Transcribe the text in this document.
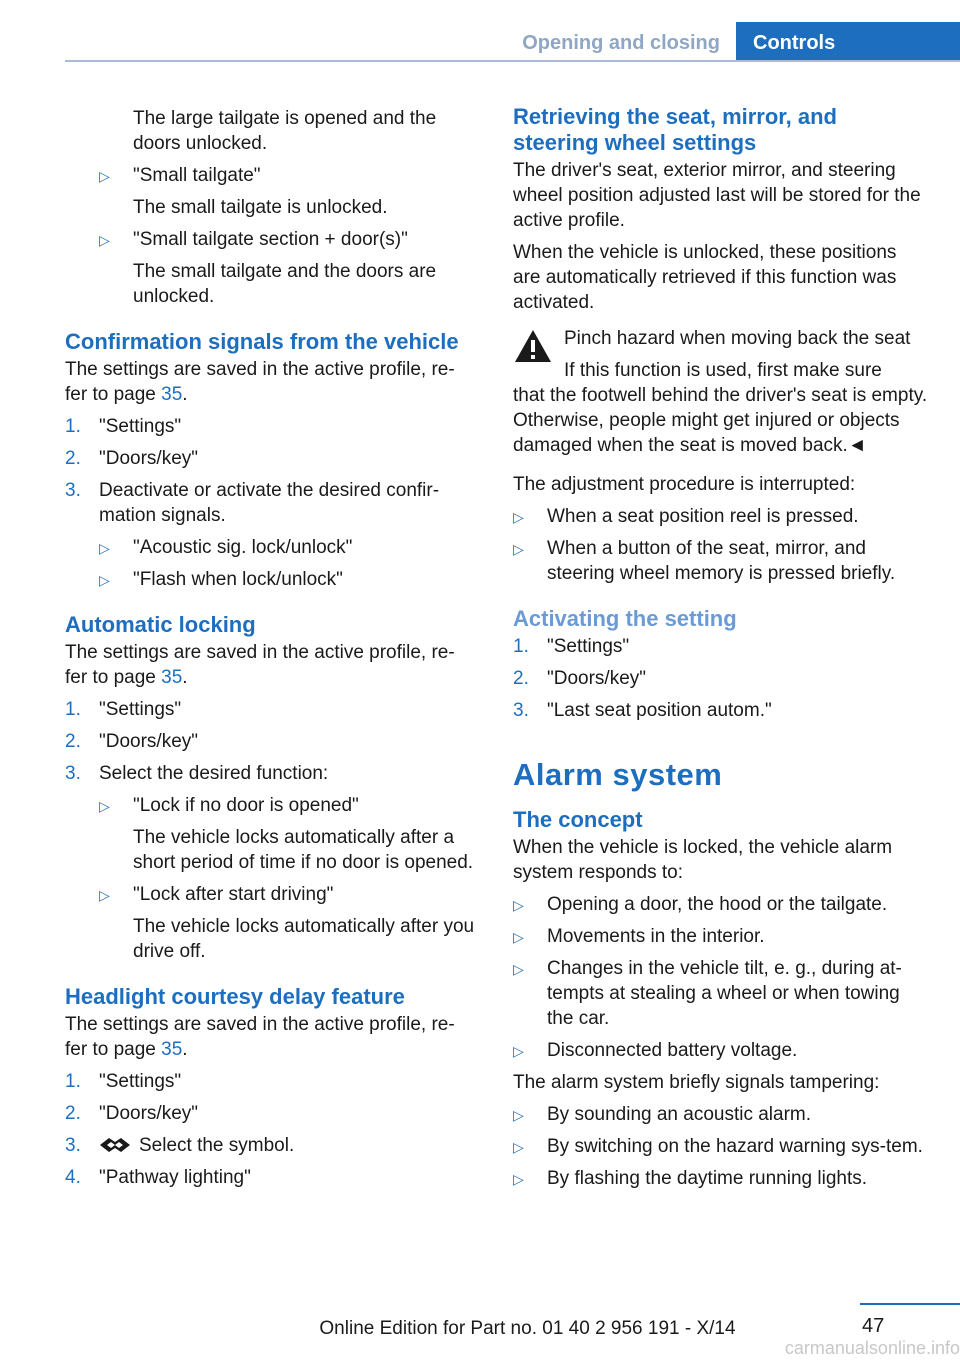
Opening and closing	Controls

The large tailgate is opened and the doors unlocked.

▷ "Small tailgate"
The small tailgate is unlocked.
▷ "Small tailgate section + door(s)"
The small tailgate and the doors are unlocked.
Confirmation signals from the vehicle

The settings are saved in the active profile, re-fer to page 35.

1. "Settings"
2. "Doors/key"
3. Deactivate or activate the desired confir-mation signals.
▷ "Acoustic sig. lock/unlock"
▷ "Flash when lock/unlock"
Automatic locking

The settings are saved in the active profile, re-fer to page 35.

1. "Settings"
2. "Doors/key"
3. Select the desired function:
▷ "Lock if no door is opened"
The vehicle locks automatically after a short period of time if no door is opened.
▷ "Lock after start driving"
The vehicle locks automatically after you drive off.
Headlight courtesy delay feature

The settings are saved in the active profile, re-fer to page 35.

1. "Settings"
2. "Doors/key"
3.	Select the symbol.
4. "Pathway lighting"
Retrieving the seat, mirror, and steering wheel settings

The driver's seat, exterior mirror, and steering wheel position adjusted last will be stored for the active profile.

When the vehicle is unlocked, these positions are automatically retrieved if this function was activated.

Pinch hazard when moving back the seat
If this function is used, first make sure
that the footwell behind the driver's seat is empty. Otherwise, people might get injured or objects damaged when the seat is moved back.◄

The adjustment procedure is interrupted:

▷ When a seat position reel is pressed.
▷ When a button of the seat, mirror, and steering wheel memory is pressed briefly.
Activating the setting
1. "Settings"
2. "Doors/key"
3. "Last seat position autom."
Alarm system
The concept

When the vehicle is locked, the vehicle alarm system responds to:

▷ Opening a door, the hood or the tailgate.
▷ Movements in the interior.
▷ Changes in the vehicle tilt, e. g., during at-tempts at stealing a wheel or when towing the car.
▷ Disconnected battery voltage.

The alarm system briefly signals tampering:

▷ By sounding an acoustic alarm.
▷ By switching on the hazard warning sys-tem.
▷ By flashing the daytime running lights.
47
Online Edition for Part no. 01 40 2 956 191 - X/14
carmanualsonline.info
